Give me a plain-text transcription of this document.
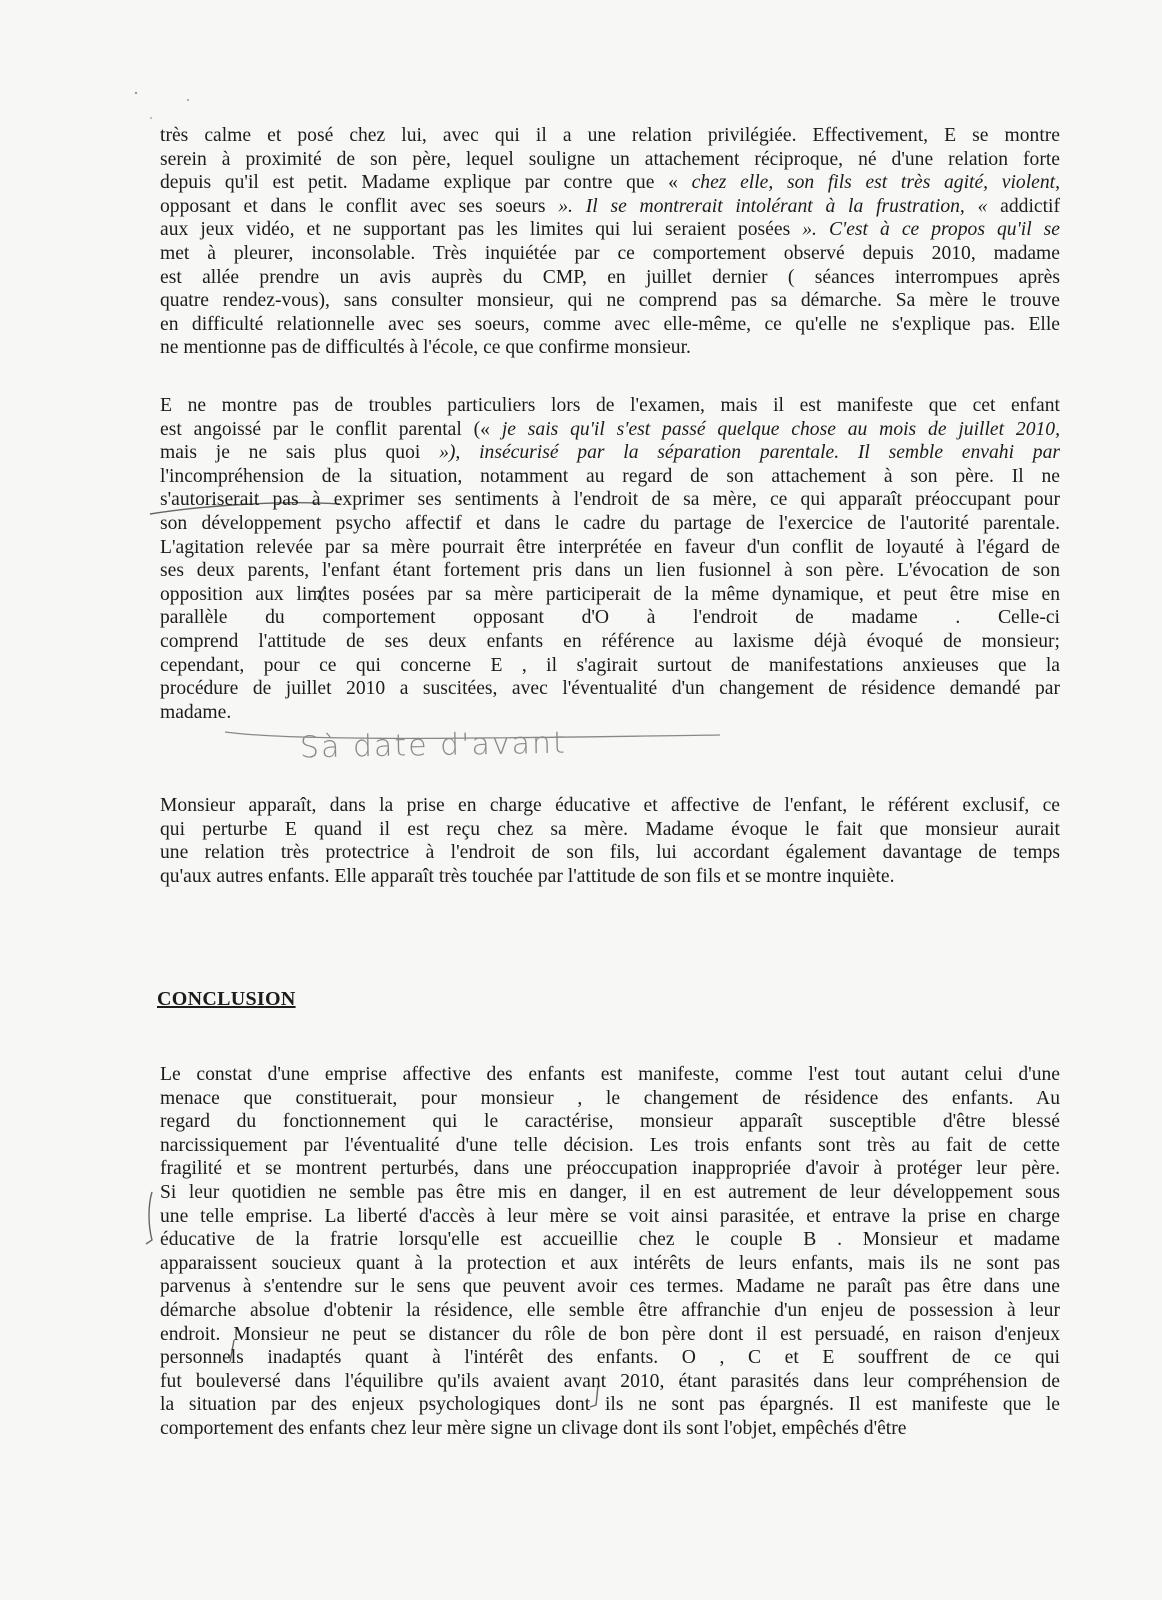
très calme et posé chez lui, avec qui il a une relation privilégiée. Effectivement, E se montre
serein à proximité de son père, lequel souligne un attachement réciproque, né d'une relation forte
depuis qu'il est petit. Madame explique par contre que « chez elle, son fils est très agité, violent,
opposant et dans le conflit avec ses soeurs ». Il se montrerait intolérant à la frustration, « addictif
aux jeux vidéo, et ne supportant pas les limites qui lui seraient posées ». C'est à ce propos qu'il se
met à pleurer, inconsolable. Très inquiétée par ce comportement observé depuis 2010, madame
est allée prendre un avis auprès du CMP, en juillet dernier ( séances interrompues après
quatre rendez-vous), sans consulter monsieur, qui ne comprend pas sa démarche. Sa mère le trouve
en difficulté relationnelle avec ses soeurs, comme avec elle-même, ce qu'elle ne s'explique pas. Elle
ne mentionne pas de difficultés à l'école, ce que confirme monsieur.
E ne montre pas de troubles particuliers lors de l'examen, mais il est manifeste que cet enfant
est angoissé par le conflit parental (« je sais qu'il s'est passé quelque chose au mois de juillet 2010,
mais je ne sais plus quoi »), insécurisé par la séparation parentale. Il semble envahi par
l'incompréhension de la situation, notamment au regard de son attachement à son père. Il ne
s'autoriserait pas à exprimer ses sentiments à l'endroit de sa mère, ce qui apparaît préoccupant pour
son développement psycho affectif et dans le cadre du partage de l'exercice de l'autorité parentale.
L'agitation relevée par sa mère pourrait être interprétée en faveur d'un conflit de loyauté à l'égard de
ses deux parents, l'enfant étant fortement pris dans un lien fusionnel à son père. L'évocation de son
opposition aux limites posées par sa mère participerait de la même dynamique, et peut être mise en
parallèle du comportement opposant d'O à l'endroit de madame . Celle-ci
comprend l'attitude de ses deux enfants en référence au laxisme déjà évoqué de monsieur;
cependant, pour ce qui concerne E , il s'agirait surtout de manifestations anxieuses que la
procédure de juillet 2010 a suscitées, avec l'éventualité d'un changement de résidence demandé par
madame.
Sà date d'avant
Monsieur apparaît, dans la prise en charge éducative et affective de l'enfant, le référent exclusif, ce
qui perturbe E quand il est reçu chez sa mère. Madame évoque le fait que monsieur aurait
une relation très protectrice à l'endroit de son fils, lui accordant également davantage de temps
qu'aux autres enfants. Elle apparaît très touchée par l'attitude de son fils et se montre inquiète.
CONCLUSION
Le constat d'une emprise affective des enfants est manifeste, comme l'est tout autant celui d'une
menace que constituerait, pour monsieur , le changement de résidence des enfants. Au
regard du fonctionnement qui le caractérise, monsieur apparaît susceptible d'être blessé
narcissiquement par l'éventualité d'une telle décision. Les trois enfants sont très au fait de cette
fragilité et se montrent perturbés, dans une préoccupation inappropriée d'avoir à protéger leur père.
Si leur quotidien ne semble pas être mis en danger, il en est autrement de leur développement sous
une telle emprise. La liberté d'accès à leur mère se voit ainsi parasitée, et entrave la prise en charge
éducative de la fratrie lorsqu'elle est accueillie chez le couple B . Monsieur et madame
apparaissent soucieux quant à la protection et aux intérêts de leurs enfants, mais ils ne sont pas
parvenus à s'entendre sur le sens que peuvent avoir ces termes. Madame ne paraît pas être dans une
démarche absolue d'obtenir la résidence, elle semble être affranchie d'un enjeu de possession à leur
endroit. Monsieur ne peut se distancer du rôle de bon père dont il est persuadé, en raison d'enjeux
personnels inadaptés quant à l'intérêt des enfants. O , C et E souffrent de ce qui
fut bouleversé dans l'équilibre qu'ils avaient avant 2010, étant parasités dans leur compréhension de
la situation par des enjeux psychologiques dont ils ne sont pas épargnés. Il est manifeste que le
comportement des enfants chez leur mère signe un clivage dont ils sont l'objet, empêchés d'être
